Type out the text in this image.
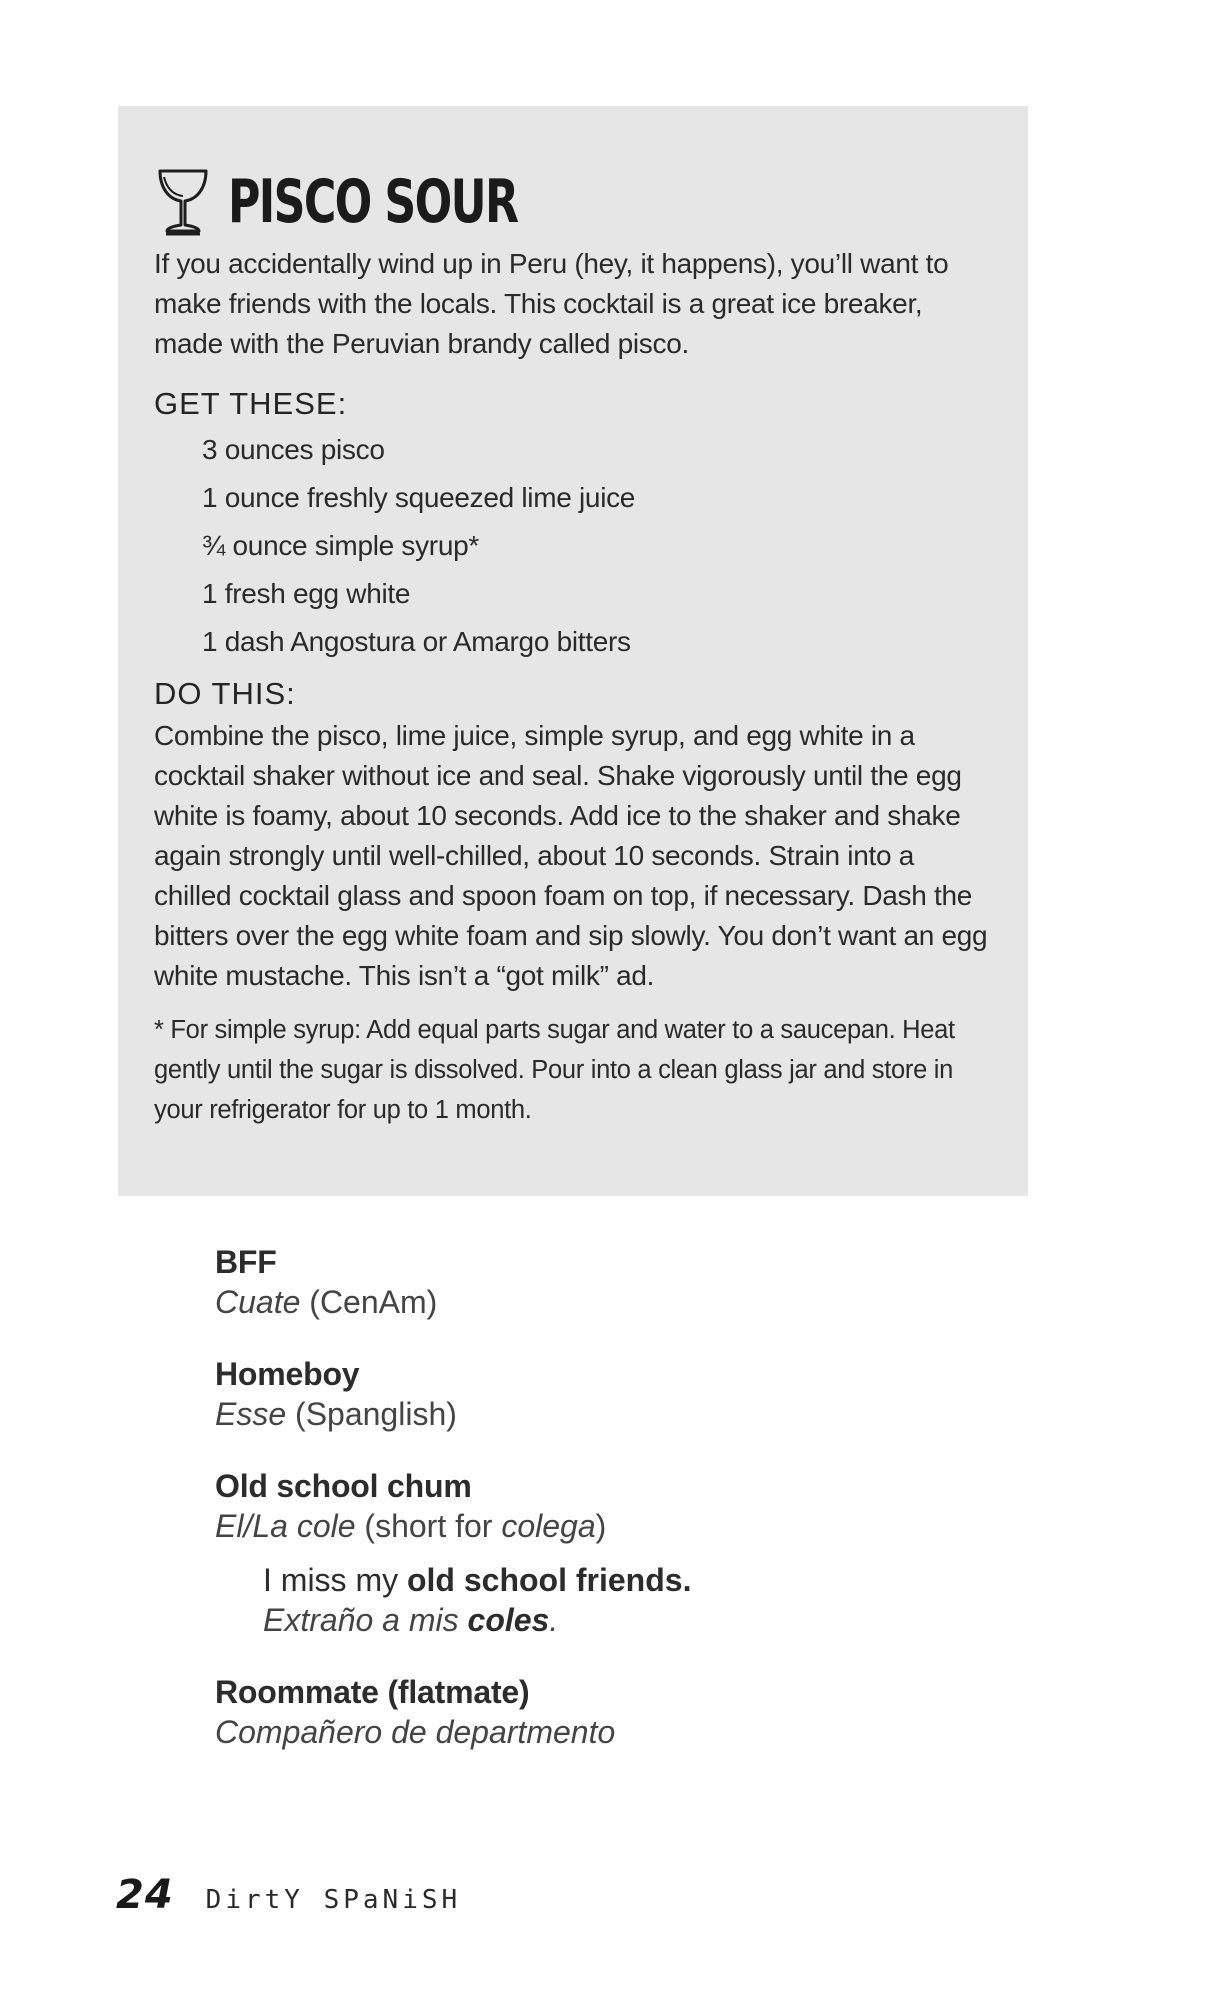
PISCO SOUR

If you accidentally wind up in Peru (hey, it happens), you’ll want to make friends with the locals. This cocktail is a great ice breaker, made with the Peruvian brandy called pisco.

GET THESE:
3 ounces pisco
1 ounce freshly squeezed lime juice
¾ ounce simple syrup*
1 fresh egg white
1 dash Angostura or Amargo bitters
DO THIS:

Combine the pisco, lime juice, simple syrup, and egg white in a cocktail shaker without ice and seal. Shake vigorously until the egg white is foamy, about 10 seconds. Add ice to the shaker and shake again strongly until well-chilled, about 10 seconds. Strain into a chilled cocktail glass and spoon foam on top, if necessary. Dash the bitters over the egg white foam and sip slowly. You don’t want an egg white mustache. This isn’t a “got milk” ad.

* For simple syrup: Add equal parts sugar and water to a saucepan. Heat gently until the sugar is dissolved. Pour into a clean glass jar and store in your refrigerator for up to 1 month.

BFF
Cuate (CenAm)
Homeboy
Esse (Spanglish)
Old school chum
El/La cole (short for colega)
I miss my old school friends.
Extraño a mis coles.
Roommate (flatmate)
Compañero de departmento
24 DirtY SPaNiSH
